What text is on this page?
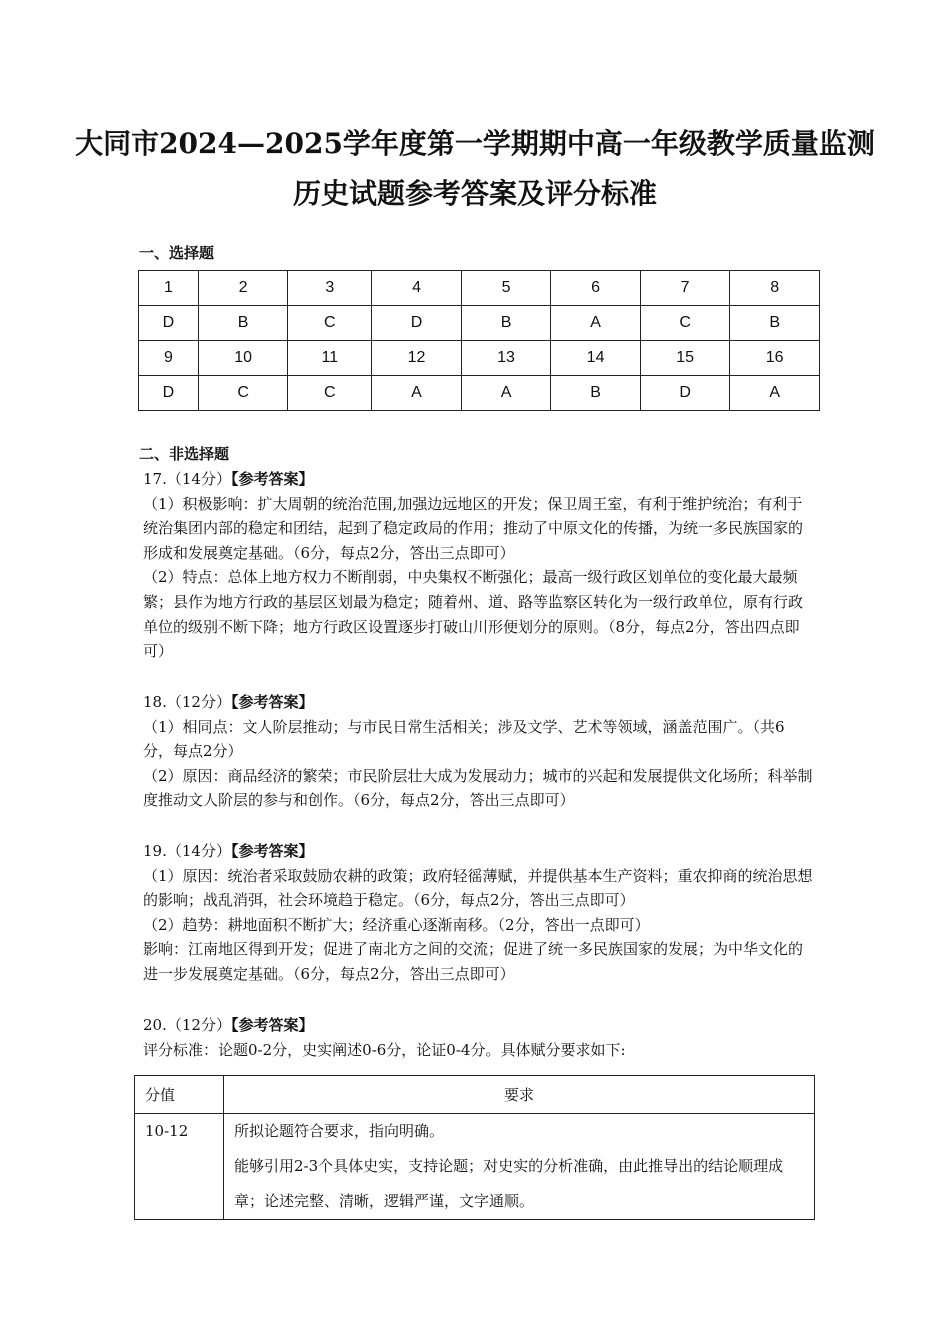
大同市2024—2025学年度第一学期期中高一年级教学质量监测
历史试题参考答案及评分标准
一、选择题
1	2	3	4	5	6	7	8
D	B	C	D	B	A	C	B
9	10	11	12	13	14	15	16
D	C	C	A	A	B	D	A
二、非选择题
17.（14分）【参考答案】

（1）积极影响：扩大周朝的统治范围,加强边远地区的开发；保卫周王室，有利于维护统治；有利于统治集团内部的稳定和团结，起到了稳定政局的作用；推动了中原文化的传播，为统一多民族国家的形成和发展奠定基础。（6分，每点2分，答出三点即可）

（2）特点：总体上地方权力不断削弱，中央集权不断强化；最高一级行政区划单位的变化最大最频繁；县作为地方行政的基层区划最为稳定；随着州、道、路等监察区转化为一级行政单位，原有行政单位的级别不断下降；地方行政区设置逐步打破山川形便划分的原则。（8分，每点2分，答出四点即可）

18.（12分）【参考答案】

（1）相同点：文人阶层推动；与市民日常生活相关；涉及文学、艺术等领域，涵盖范围广。（共6分，每点2分）

（2）原因：商品经济的繁荣；市民阶层壮大成为发展动力；城市的兴起和发展提供文化场所；科举制度推动文人阶层的参与和创作。（6分，每点2分，答出三点即可）

19.（14分）【参考答案】

（1）原因：统治者采取鼓励农耕的政策；政府轻徭薄赋，并提供基本生产资料；重农抑商的统治思想的影响；战乱消弭，社会环境趋于稳定。（6分，每点2分，答出三点即可）

（2）趋势：耕地面积不断扩大；经济重心逐渐南移。（2分，答出一点即可）

影响：江南地区得到开发；促进了南北方之间的交流；促进了统一多民族国家的发展；为中华文化的进一步发展奠定基础。（6分，每点2分，答出三点即可）

20.（12分）【参考答案】

评分标准：论题0-2分，史实阐述0-6分，论证0-4分。具体赋分要求如下:

分值	要求
10-12	所拟论题符合要求，指向明确。
能够引用2-3个具体史实，支持论题；对史实的分析准确，由此推导出的结论顺理成章；论述完整、清晰，逻辑严谨，文字通顺。
